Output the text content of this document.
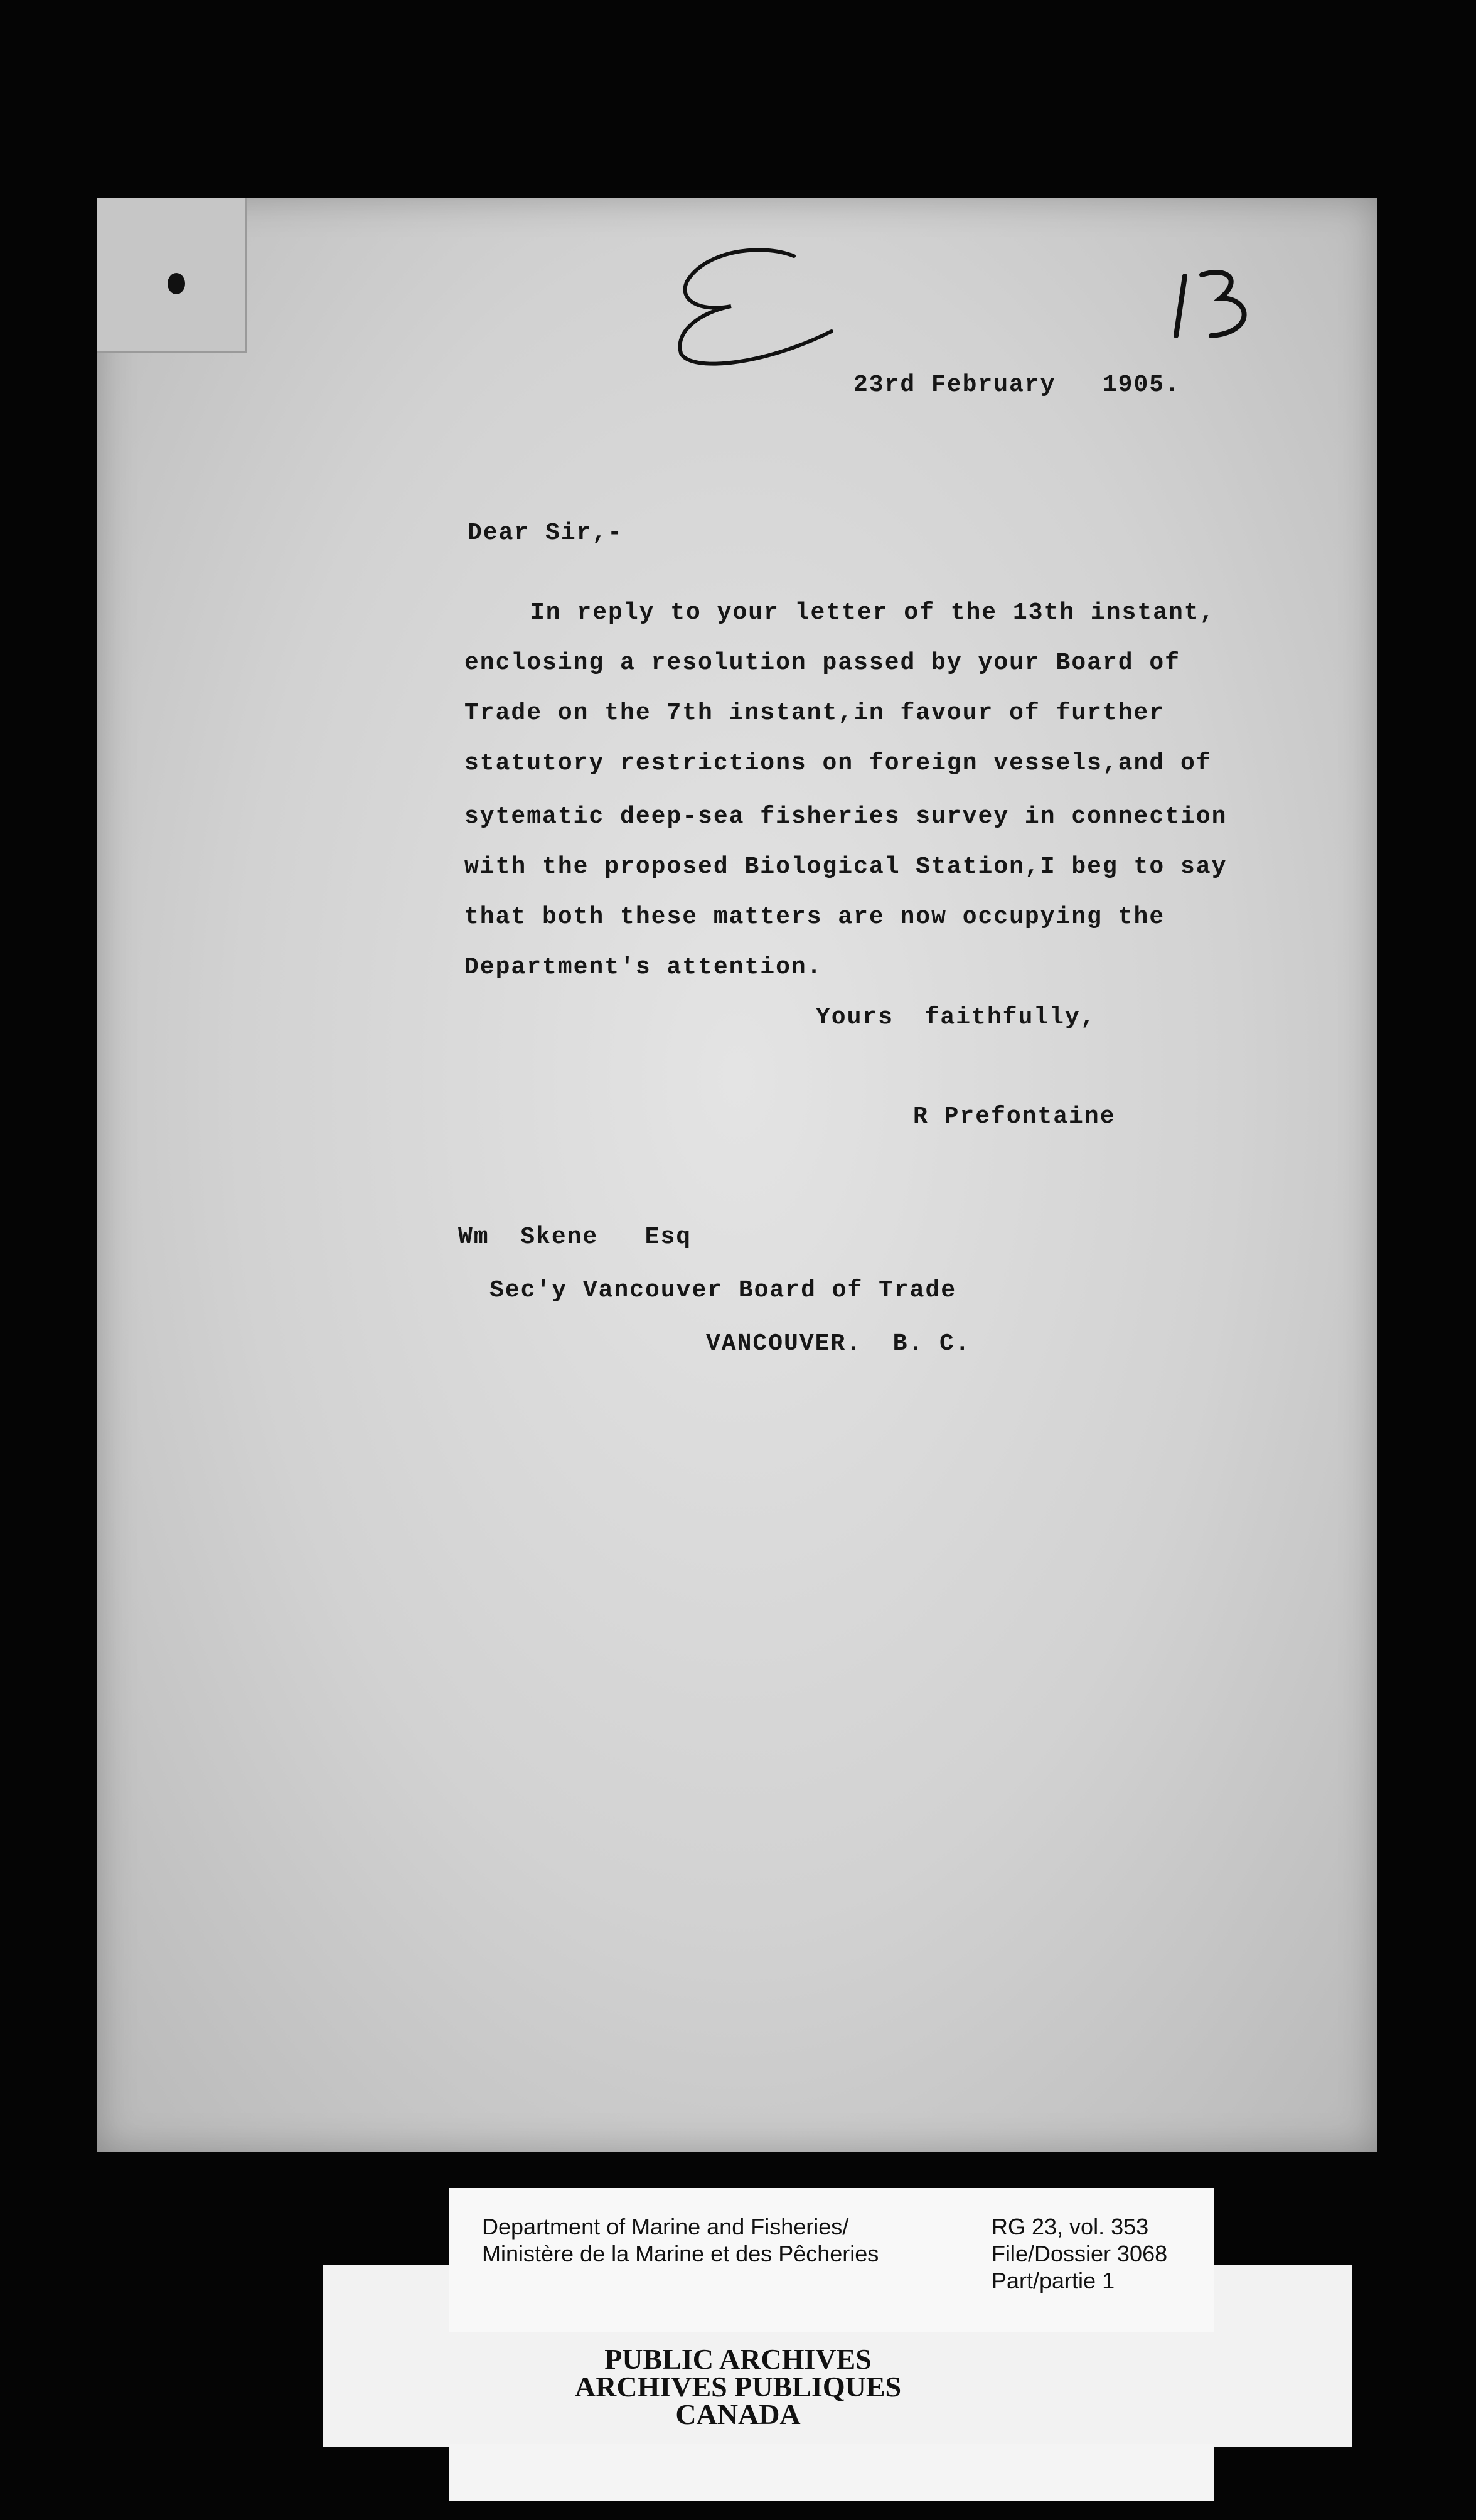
23rd February   1905.
Dear Sir,-
In reply to your letter of the 13th instant,
enclosing a resolution passed by your Board of
Trade on the 7th instant,in favour of further
statutory restrictions on foreign vessels,and of
sytematic deep-sea fisheries survey in connection
with the proposed Biological Station,I beg to say
that both these matters are now occupying the
Department's attention.
Yours  faithfully,
R Prefontaine
Wm  Skene   Esq
Sec'y Vancouver Board of Trade
VANCOUVER.  B. C.
Department of Marine and Fisheries/
Ministère de la Marine et des Pêcheries
RG 23, vol. 353
File/Dossier 3068
Part/partie 1
PUBLIC ARCHIVES
ARCHIVES PUBLIQUES
CANADA
